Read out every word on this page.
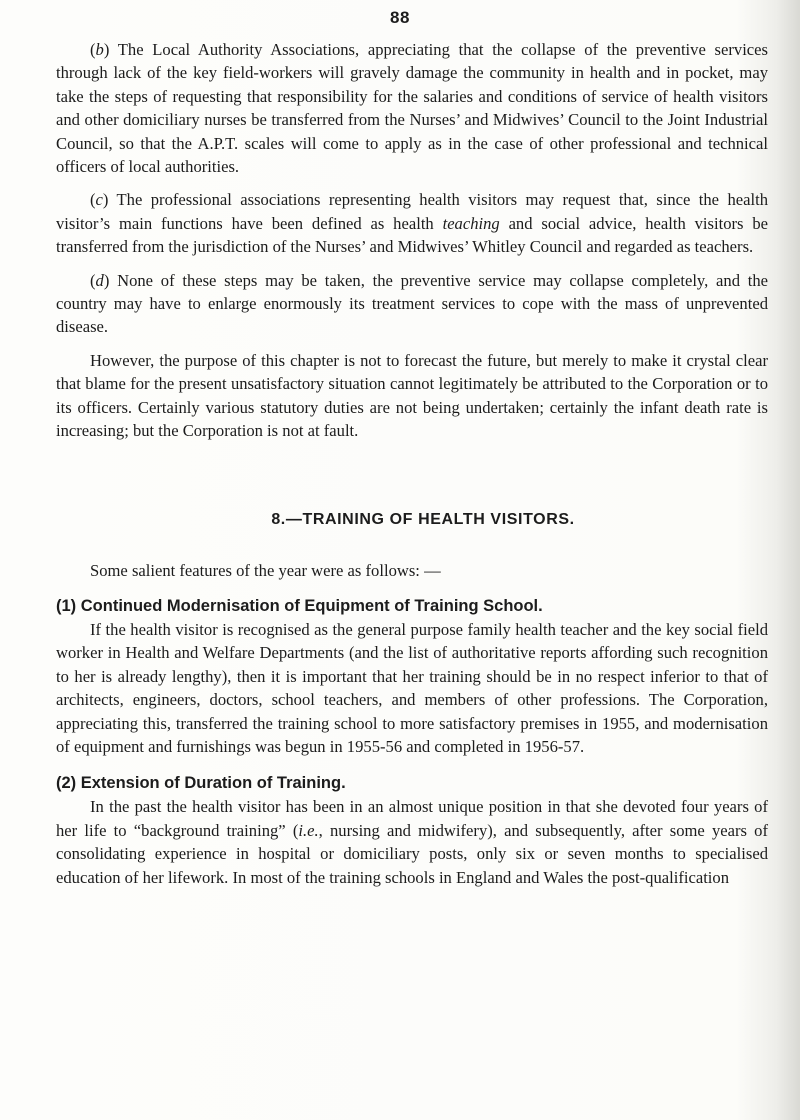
88

(b) The Local Authority Associations, appreciating that the collapse of the preventive services through lack of the key field-workers will gravely damage the community in health and in pocket, may take the steps of requesting that responsibility for the salaries and conditions of service of health visitors and other domiciliary nurses be transferred from the Nurses’ and Midwives’ Council to the Joint Industrial Council, so that the A.P.T. scales will come to apply as in the case of other professional and technical officers of local authorities.

(c) The professional associations representing health visitors may request that, since the health visitor’s main functions have been defined as health teaching and social advice, health visitors be transferred from the jurisdiction of the Nurses’ and Midwives’ Whitley Council and regarded as teachers.

(d) None of these steps may be taken, the preventive service may collapse completely, and the country may have to enlarge enormously its treatment services to cope with the mass of unprevented disease.

However, the purpose of this chapter is not to forecast the future, but merely to make it crystal clear that blame for the present unsatisfactory situation cannot legitimately be attributed to the Corporation or to its officers. Certainly various statutory duties are not being undertaken; certainly the infant death rate is increasing; but the Corporation is not at fault.

8.—TRAINING OF HEALTH VISITORS.

Some salient features of the year were as follows: —

(1) Continued Modernisation of Equipment of Training School.

If the health visitor is recognised as the general purpose family health teacher and the key social field worker in Health and Welfare Departments (and the list of authoritative reports affording such recognition to her is already lengthy), then it is important that her training should be in no respect inferior to that of architects, engineers, doctors, school teachers, and members of other professions. The Corporation, appreciating this, transferred the training school to more satisfactory premises in 1955, and modernisation of equipment and furnishings was begun in 1955-56 and completed in 1956-57.

(2) Extension of Duration of Training.

In the past the health visitor has been in an almost unique position in that she devoted four years of her life to “background training” (i.e., nursing and midwifery), and subsequently, after some years of consolidating experience in hospital or domiciliary posts, only six or seven months to specialised education of her lifework. In most of the training schools in England and Wales the post-qualification
